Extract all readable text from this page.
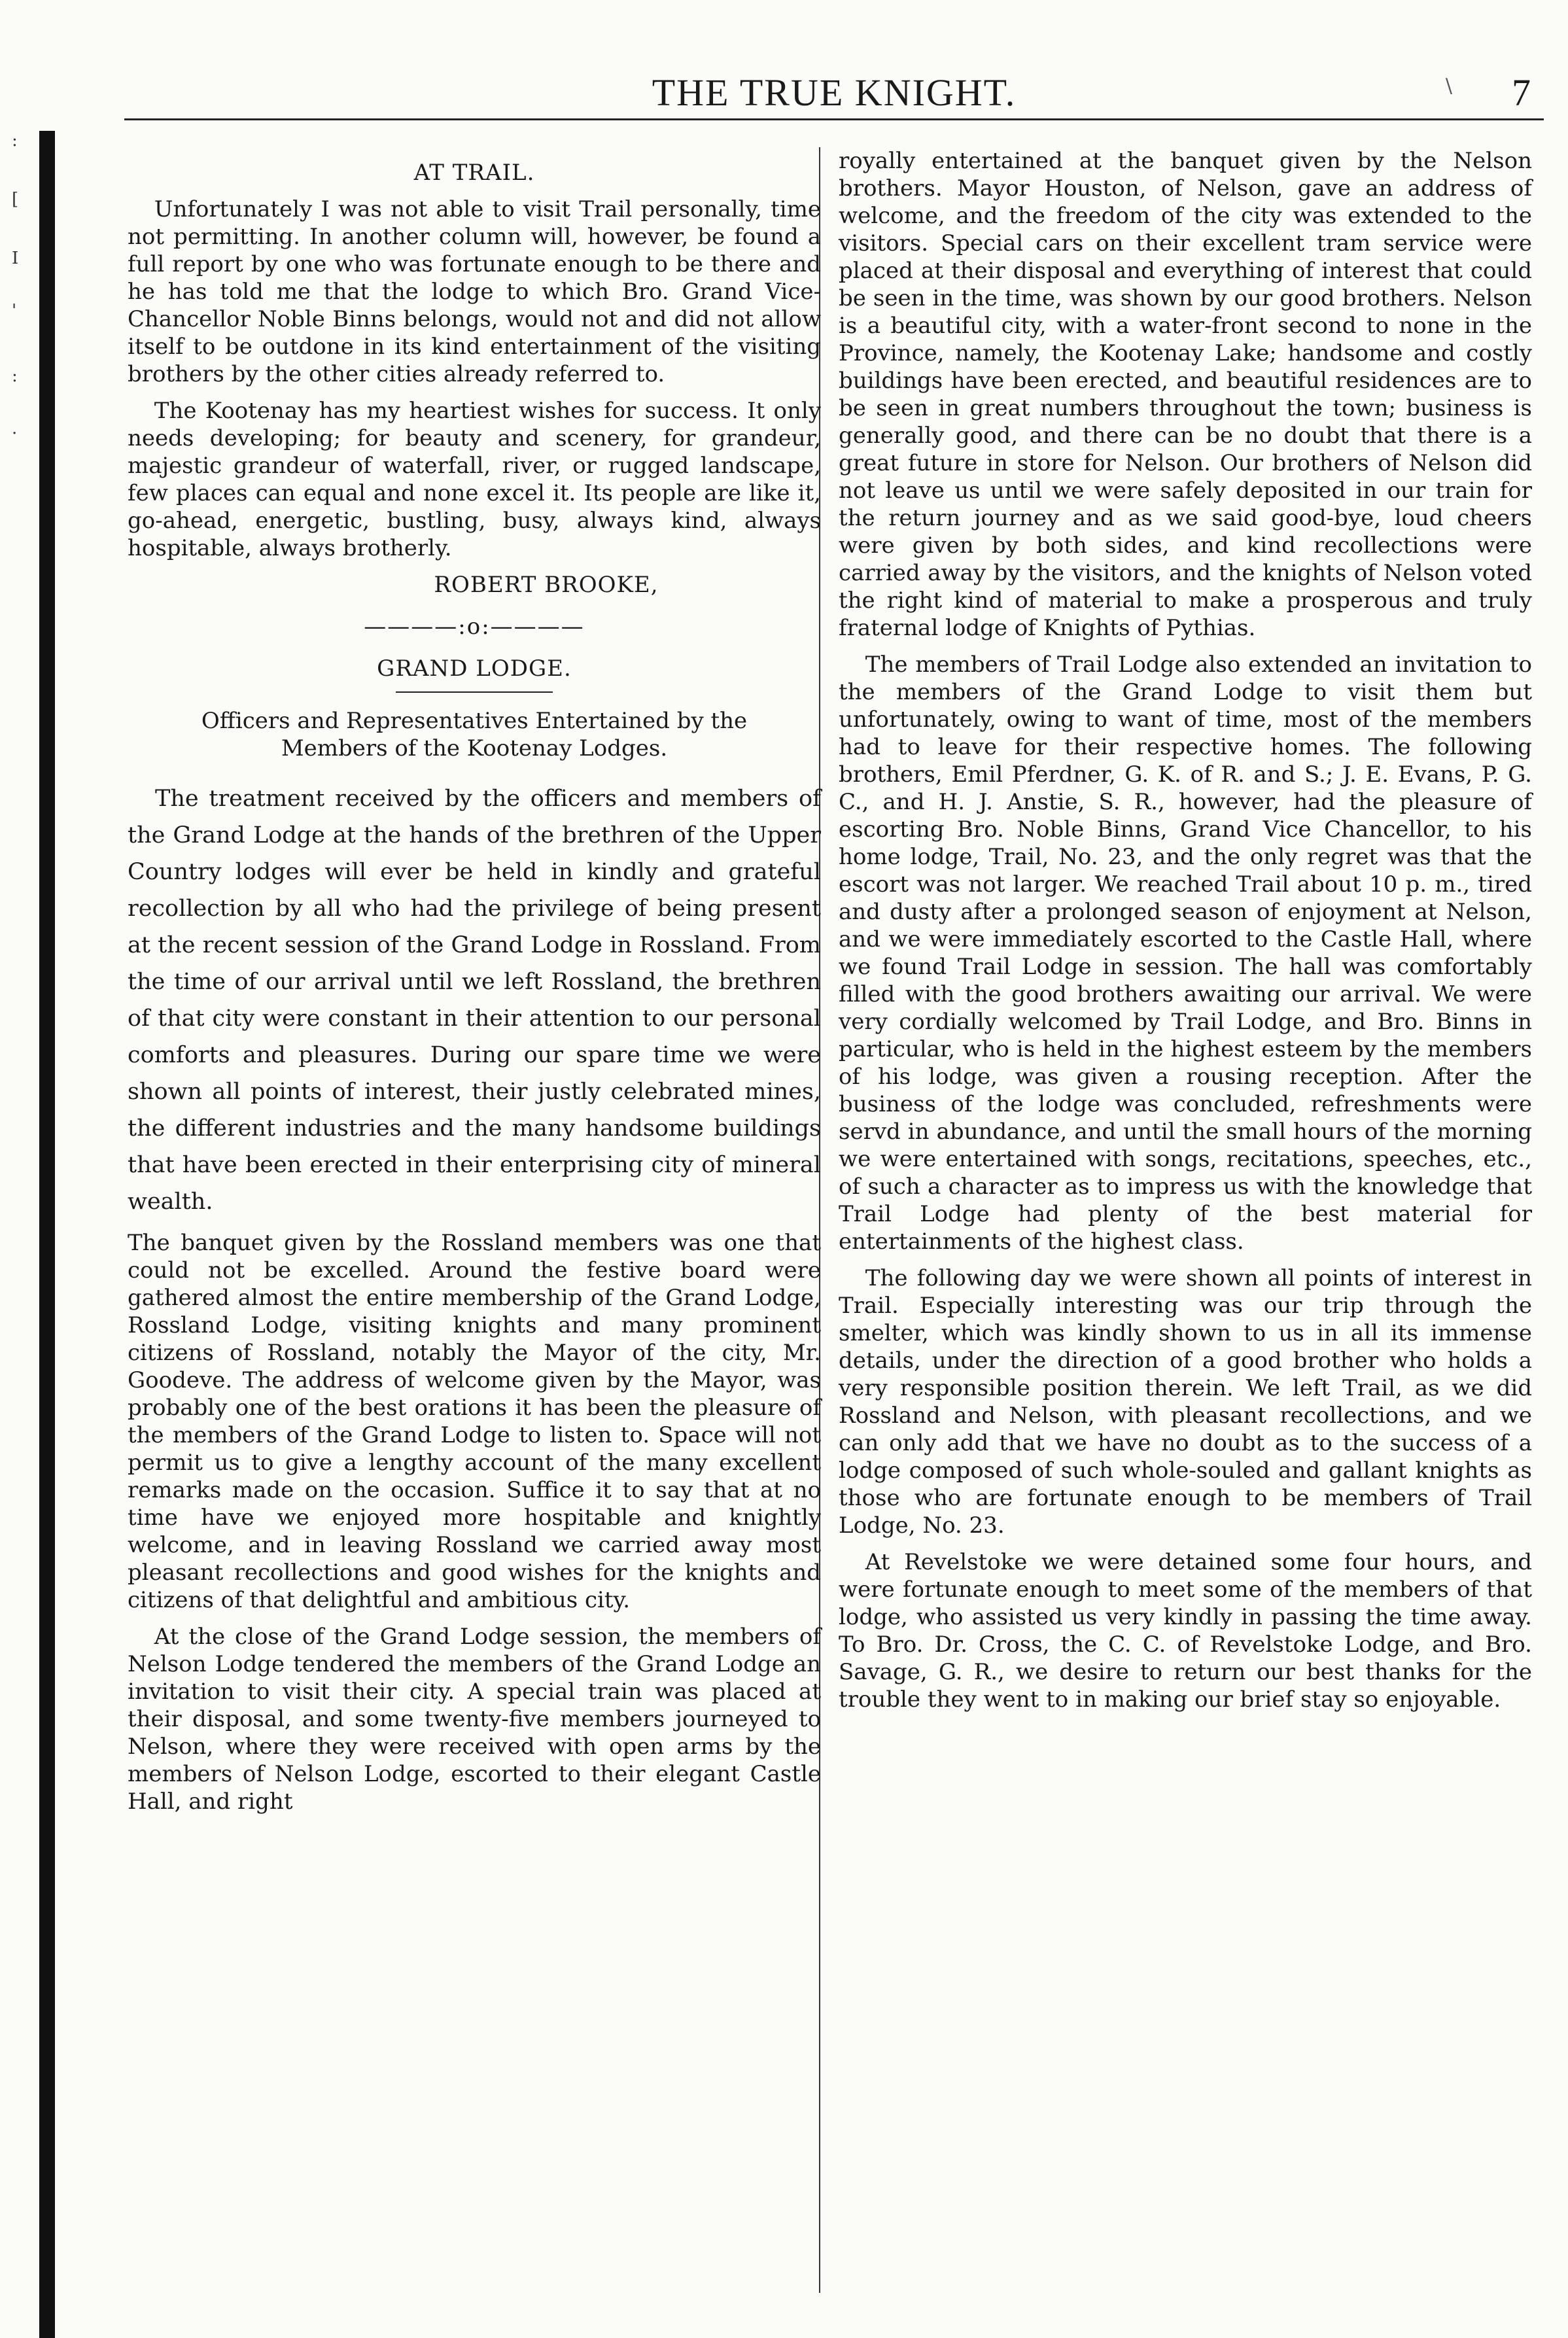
:
[
I
'
:
.
THE TRUE KNIGHT.	\ 7
AT TRAIL.

Unfortunately I was not able to visit Trail personally, time not permitting. In another column will, however, be found a full report by one who was fortunate enough to be there and he has told me that the lodge to which Bro. Grand Vice-Chancellor Noble Binns belongs, would not and did not allow itself to be outdone in its kind entertainment of the visiting brothers by the other cities already referred to.

The Kootenay has my heartiest wishes for success. It only needs developing; for beauty and scenery, for grandeur, majestic grandeur of waterfall, river, or rugged landscape, few places can equal and none excel it. Its people are like it, go-ahead, energetic, bustling, busy, always kind, always hospitable, always brotherly.

ROBERT BROOKE,
————:o:————
GRAND LODGE.
Officers and Representatives Entertained by the Members of the Kootenay Lodges.

The treatment received by the officers and members of the Grand Lodge at the hands of the brethren of the Upper Country lodges will ever be held in kindly and grateful recollection by all who had the privilege of being present at the recent session of the Grand Lodge in Rossland. From the time of our arrival until we left Rossland, the brethren of that city were constant in their attention to our personal comforts and pleasures. During our spare time we were shown all points of interest, their justly celebrated mines, the different industries and the many handsome buildings that have been erected in their enterprising city of mineral wealth.

The banquet given by the Rossland members was one that could not be excelled. Around the festive board were gathered almost the entire membership of the Grand Lodge, Rossland Lodge, visiting knights and many prominent citizens of Rossland, notably the Mayor of the city, Mr. Goodeve. The address of welcome given by the Mayor, was probably one of the best orations it has been the pleasure of the members of the Grand Lodge to listen to. Space will not permit us to give a lengthy account of the many excellent remarks made on the occasion. Suffice it to say that at no time have we enjoyed more hospitable and knightly welcome, and in leaving Rossland we carried away most pleasant recollections and good wishes for the knights and citizens of that delightful and ambitious city.

At the close of the Grand Lodge session, the members of Nelson Lodge tendered the members of the Grand Lodge an invitation to visit their city. A special train was placed at their disposal, and some twenty-five members journeyed to Nelson, where they were received with open arms by the members of Nelson Lodge, escorted to their elegant Castle Hall, and right

royally entertained at the banquet given by the Nelson brothers. Mayor Houston, of Nelson, gave an address of welcome, and the freedom of the city was extended to the visitors. Special cars on their excellent tram service were placed at their disposal and everything of interest that could be seen in the time, was shown by our good brothers. Nelson is a beautiful city, with a water-front second to none in the Province, namely, the Kootenay Lake; handsome and costly buildings have been erected, and beautiful residences are to be seen in great numbers throughout the town; business is generally good, and there can be no doubt that there is a great future in store for Nelson. Our brothers of Nelson did not leave us until we were safely deposited in our train for the return journey and as we said good-bye, loud cheers were given by both sides, and kind recollections were carried away by the visitors, and the knights of Nelson voted the right kind of material to make a prosperous and truly fraternal lodge of Knights of Pythias.

The members of Trail Lodge also extended an invitation to the members of the Grand Lodge to visit them but unfortunately, owing to want of time, most of the members had to leave for their respective homes. The following brothers, Emil Pferdner, G. K. of R. and S.; J. E. Evans, P. G. C., and H. J. Anstie, S. R., however, had the pleasure of escorting Bro. Noble Binns, Grand Vice Chancellor, to his home lodge, Trail, No. 23, and the only regret was that the escort was not larger. We reached Trail about 10 p. m., tired and dusty after a prolonged season of enjoyment at Nelson, and we were immediately escorted to the Castle Hall, where we found Trail Lodge in session. The hall was comfortably filled with the good brothers awaiting our arrival. We were very cordially welcomed by Trail Lodge, and Bro. Binns in particular, who is held in the highest esteem by the members of his lodge, was given a rousing reception. After the business of the lodge was concluded, refreshments were servd in abundance, and until the small hours of the morning we were entertained with songs, recitations, speeches, etc., of such a character as to impress us with the knowledge that Trail Lodge had plenty of the best material for entertainments of the highest class.

The following day we were shown all points of interest in Trail. Especially interesting was our trip through the smelter, which was kindly shown to us in all its immense details, under the direction of a good brother who holds a very responsible position therein. We left Trail, as we did Rossland and Nelson, with pleasant recollections, and we can only add that we have no doubt as to the success of a lodge composed of such whole-souled and gallant knights as those who are fortunate enough to be members of Trail Lodge, No. 23.

At Revelstoke we were detained some four hours, and were fortunate enough to meet some of the members of that lodge, who assisted us very kindly in passing the time away. To Bro. Dr. Cross, the C. C. of Revelstoke Lodge, and Bro. Savage, G. R., we desire to return our best thanks for the trouble they went to in making our brief stay so enjoyable.
